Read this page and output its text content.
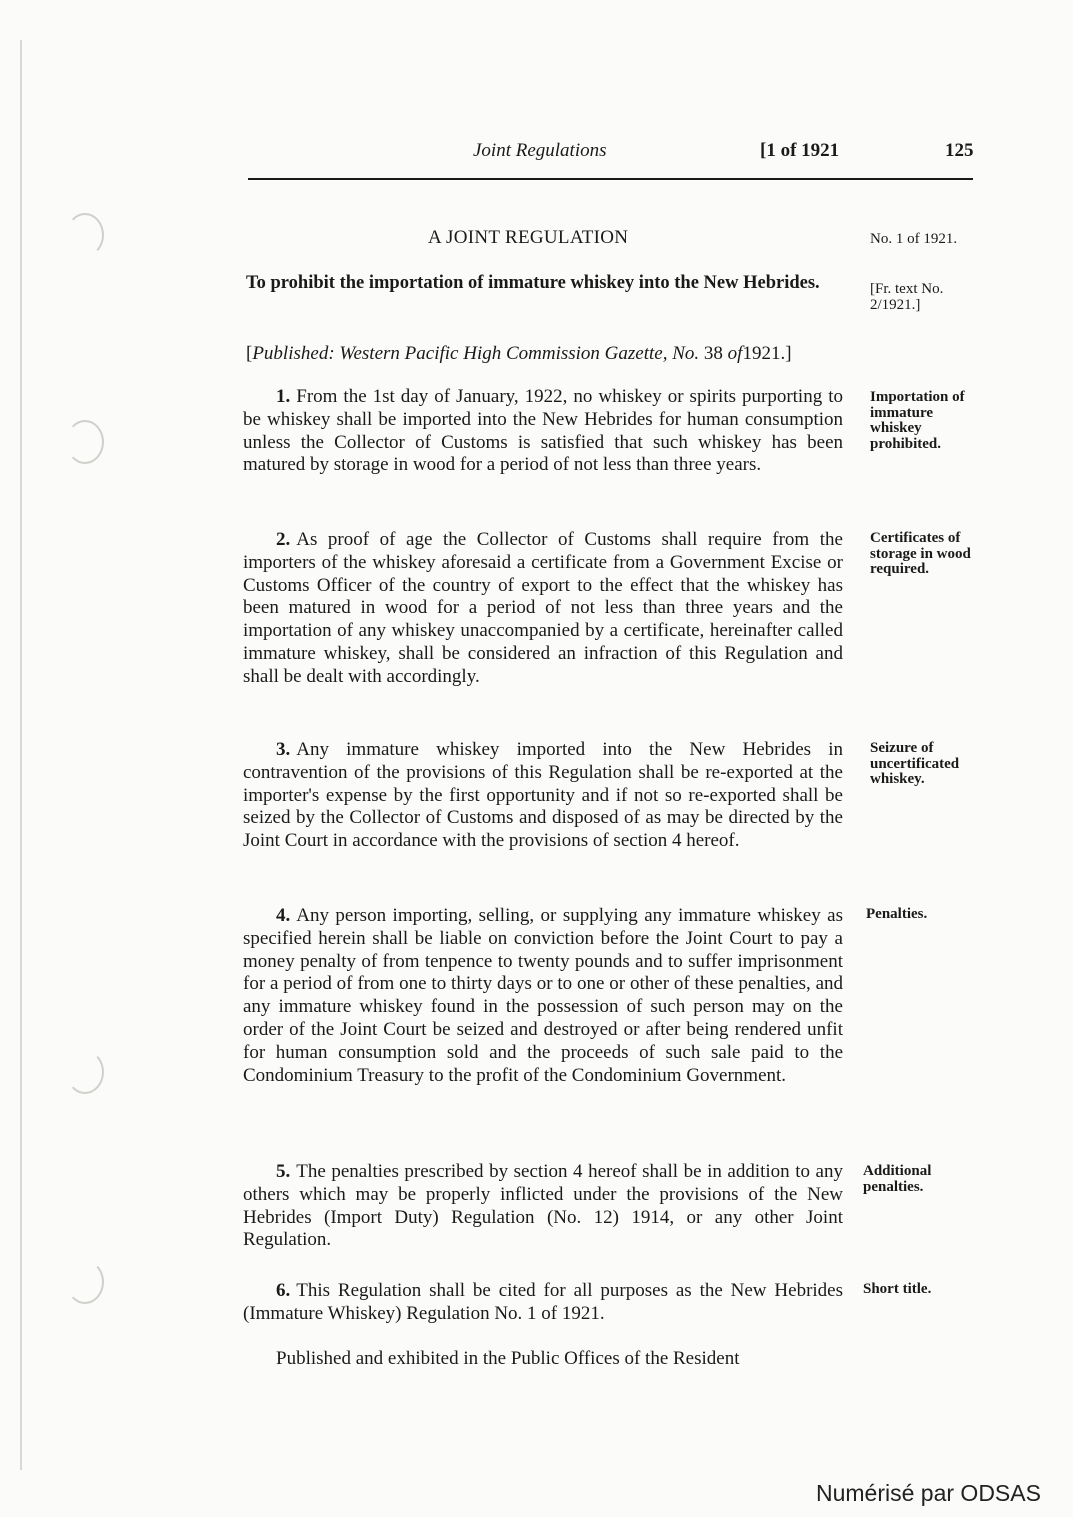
Joint Regulations	[1 of 1921	125
A JOINT REGULATION	No. 1 of 1921.
To prohibit the importation of immature whiskey into the New Hebrides.	[Fr. text No. 2/1921.]
[Published: Western Pacific High Commission Gazette, No. 38 of1921.]
1. From the 1st day of January, 1922, no whiskey or spirits purporting to be whiskey shall be imported into the New Hebrides for human consumption unless the Collector of Customs is satisfied that such whiskey has been matured by storage in wood for a period of not less than three years.
Importation of immature whiskey prohibited.
2. As proof of age the Collector of Customs shall require from the importers of the whiskey aforesaid a certificate from a Government Excise or Customs Officer of the country of export to the effect that the whiskey has been matured in wood for a period of not less than three years and the importation of any whiskey unaccompanied by a certificate, hereinafter called immature whiskey, shall be considered an infraction of this Regulation and shall be dealt with accordingly.
Certificates of storage in wood required.
3. Any immature whiskey imported into the New Hebrides in contravention of the provisions of this Regulation shall be re-exported at the importer's expense by the first opportunity and if not so re-exported shall be seized by the Collector of Customs and disposed of as may be directed by the Joint Court in accordance with the provisions of section 4 hereof.
Seizure of uncertificated whiskey.
4. Any person importing, selling, or supplying any immature whiskey as specified herein shall be liable on conviction before the Joint Court to pay a money penalty of from tenpence to twenty pounds and to suffer imprisonment for a period of from one to thirty days or to one or other of these penalties, and any immature whiskey found in the possession of such person may on the order of the Joint Court be seized and destroyed or after being rendered unfit for human consumption sold and the proceeds of such sale paid to the Condominium Treasury to the profit of the Condominium Government.
Penalties.
5. The penalties prescribed by section 4 hereof shall be in addition to any others which may be properly inflicted under the provisions of the New Hebrides (Import Duty) Regulation (No. 12) 1914, or any other Joint Regulation.
Additional penalties.
6. This Regulation shall be cited for all purposes as the New Hebrides (Immature Whiskey) Regulation No. 1 of 1921.
Short title.
Published and exhibited in the Public Offices of the Resident
Numérisé par ODSAS
